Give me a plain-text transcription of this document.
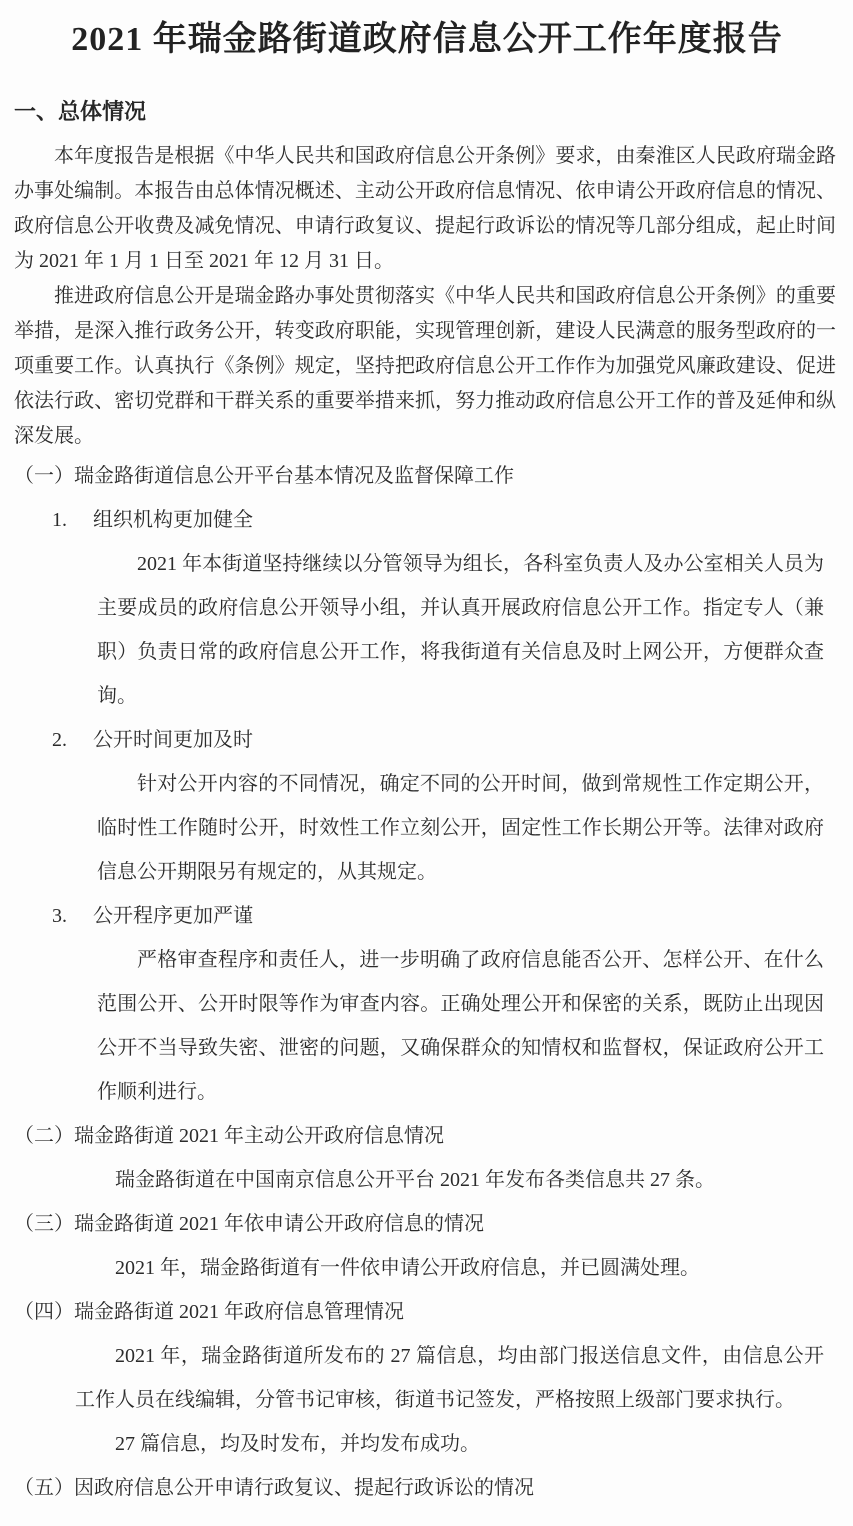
2021 年瑞金路街道政府信息公开工作年度报告
一、总体情况

本年度报告是根据《中华人民共和国政府信息公开条例》要求，由秦淮区人民政府瑞金路办事处编制。本报告由总体情况概述、主动公开政府信息情况、依申请公开政府信息的情况、政府信息公开收费及减免情况、申请行政复议、提起行政诉讼的情况等几部分组成，起止时间为 2021 年 1 月 1 日至 2021 年 12 月 31 日。

推进政府信息公开是瑞金路办事处贯彻落实《中华人民共和国政府信息公开条例》的重要举措，是深入推行政务公开，转变政府职能，实现管理创新，建设人民满意的服务型政府的一项重要工作。认真执行《条例》规定，坚持把政府信息公开工作作为加强党风廉政建设、促进依法行政、密切党群和干群关系的重要举措来抓，努力推动政府信息公开工作的普及延伸和纵深发展。

（一）瑞金路街道信息公开平台基本情况及监督保障工作

1.	组织机构更加健全

2021 年本街道坚持继续以分管领导为组长，各科室负责人及办公室相关人员为主要成员的政府信息公开领导小组，并认真开展政府信息公开工作。指定专人（兼职）负责日常的政府信息公开工作，将我街道有关信息及时上网公开，方便群众查询。

2.	公开时间更加及时

针对公开内容的不同情况，确定不同的公开时间，做到常规性工作定期公开，临时性工作随时公开，时效性工作立刻公开，固定性工作长期公开等。法律对政府信息公开期限另有规定的，从其规定。

3.	公开程序更加严谨

严格审查程序和责任人，进一步明确了政府信息能否公开、怎样公开、在什么范围公开、公开时限等作为审查内容。正确处理公开和保密的关系，既防止出现因公开不当导致失密、泄密的问题，又确保群众的知情权和监督权，保证政府公开工作顺利进行。

（二）瑞金路街道 2021 年主动公开政府信息情况

瑞金路街道在中国南京信息公开平台 2021 年发布各类信息共 27 条。

（三）瑞金路街道 2021 年依申请公开政府信息的情况

2021 年，瑞金路街道有一件依申请公开政府信息，并已圆满处理。

（四）瑞金路街道 2021 年政府信息管理情况

2021 年，瑞金路街道所发布的 27 篇信息，均由部门报送信息文件，由信息公开工作人员在线编辑，分管书记审核，街道书记签发，严格按照上级部门要求执行。

27 篇信息，均及时发布，并均发布成功。

（五）因政府信息公开申请行政复议、提起行政诉讼的情况
